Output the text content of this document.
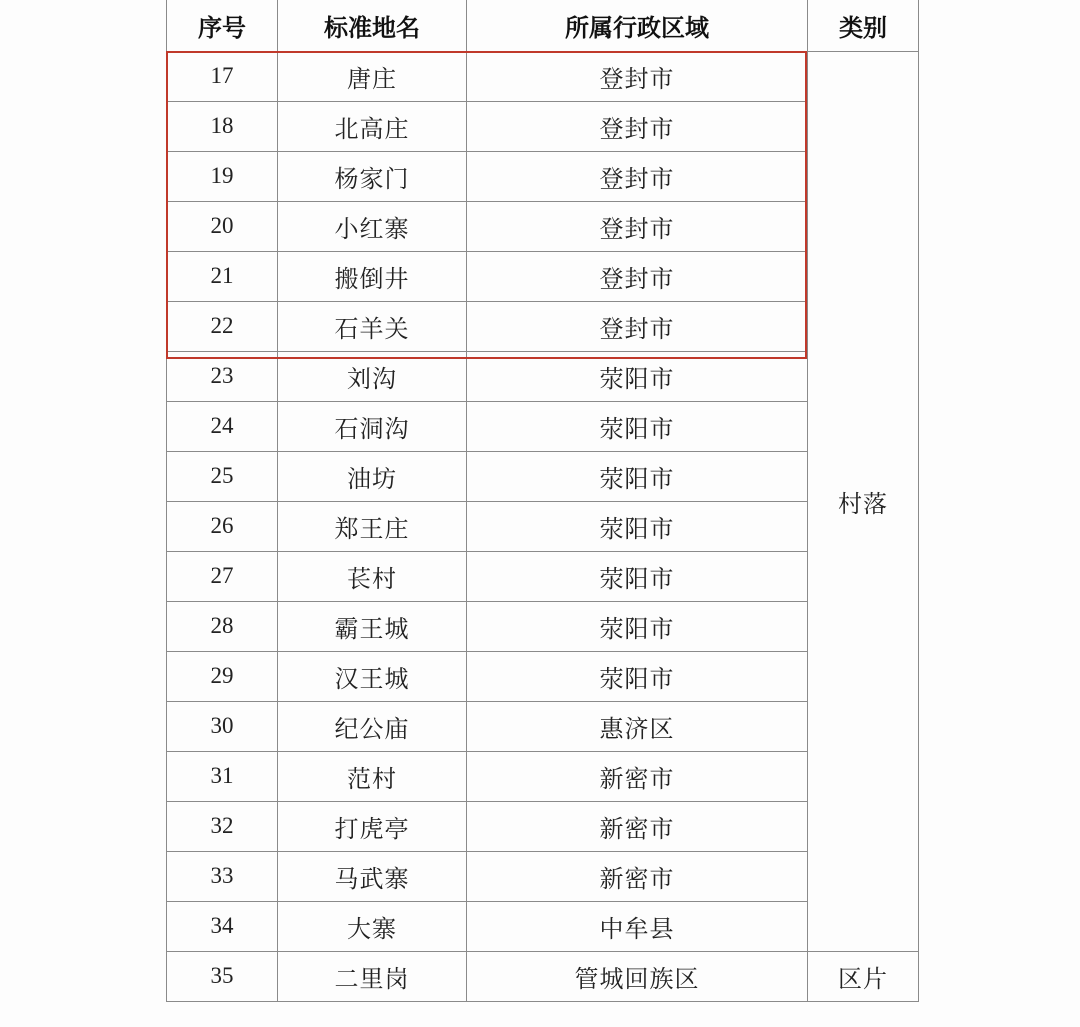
序号	标准地名	所属行政区域	类别
17	唐庄	登封市	村落
18	北高庄	登封市	
19	杨家门	登封市	
20	小红寨	登封市	
21	搬倒井	登封市	
22	石羊关	登封市	
23	刘沟	荥阳市	
24	石洞沟	荥阳市	
25	油坊	荥阳市	
26	郑王庄	荥阳市	
27	苌村	荥阳市	
28	霸王城	荥阳市	
29	汉王城	荥阳市	
30	纪公庙	惠济区	
31	范村	新密市	
32	打虎亭	新密市	
33	马武寨	新密市	
34	大寨	中牟县	
35	二里岗	管城回族区	区片
